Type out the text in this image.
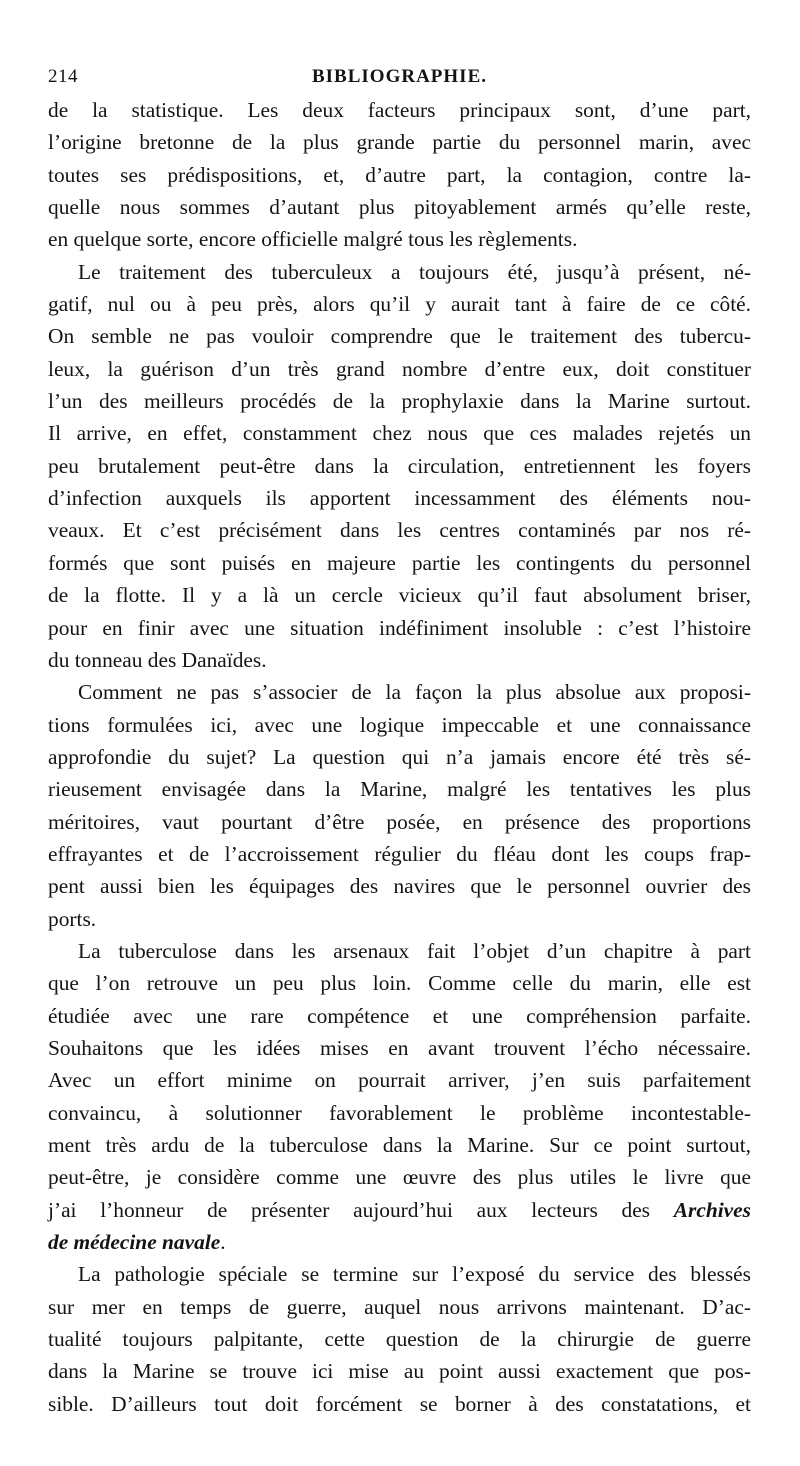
214	BIBLIOGRAPHIE.
de la statistique. Les deux facteurs principaux sont, d’une part,
l’origine bretonne de la plus grande partie du personnel marin, avec
toutes ses prédispositions, et, d’autre part, la contagion, contre la-
quelle nous sommes d’autant plus pitoyablement armés qu’elle reste,
en quelque sorte, encore officielle malgré tous les règlements.
Le traitement des tuberculeux a toujours été, jusqu’à présent, né-
gatif, nul ou à peu près, alors qu’il y aurait tant à faire de ce côté.
On semble ne pas vouloir comprendre que le traitement des tubercu-
leux, la guérison d’un très grand nombre d’entre eux, doit constituer
l’un des meilleurs procédés de la prophylaxie dans la Marine surtout.
Il arrive, en effet, constamment chez nous que ces malades rejetés un
peu brutalement peut-être dans la circulation, entretiennent les foyers
d’infection auxquels ils apportent incessamment des éléments nou-
veaux. Et c’est précisément dans les centres contaminés par nos ré-
formés que sont puisés en majeure partie les contingents du personnel
de la flotte. Il y a là un cercle vicieux qu’il faut absolument briser,
pour en finir avec une situation indéfiniment insoluble : c’est l’histoire
du tonneau des Danaïdes.
Comment ne pas s’associer de la façon la plus absolue aux proposi-
tions formulées ici, avec une logique impeccable et une connaissance
approfondie du sujet? La question qui n’a jamais encore été très sé-
rieusement envisagée dans la Marine, malgré les tentatives les plus
méritoires, vaut pourtant d’être posée, en présence des proportions
effrayantes et de l’accroissement régulier du fléau dont les coups frap-
pent aussi bien les équipages des navires que le personnel ouvrier des
ports.
La tuberculose dans les arsenaux fait l’objet d’un chapitre à part
que l’on retrouve un peu plus loin. Comme celle du marin, elle est
étudiée avec une rare compétence et une compréhension parfaite.
Souhaitons que les idées mises en avant trouvent l’écho nécessaire.
Avec un effort minime on pourrait arriver, j’en suis parfaitement
convaincu, à solutionner favorablement le problème incontestable-
ment très ardu de la tuberculose dans la Marine. Sur ce point surtout,
peut-être, je considère comme une œuvre des plus utiles le livre que
j’ai l’honneur de présenter aujourd’hui aux lecteurs des Archives
de médecine navale.
La pathologie spéciale se termine sur l’exposé du service des blessés
sur mer en temps de guerre, auquel nous arrivons maintenant. D’ac-
tualité toujours palpitante, cette question de la chirurgie de guerre
dans la Marine se trouve ici mise au point aussi exactement que pos-
sible. D’ailleurs tout doit forcément se borner à des constatations, et
